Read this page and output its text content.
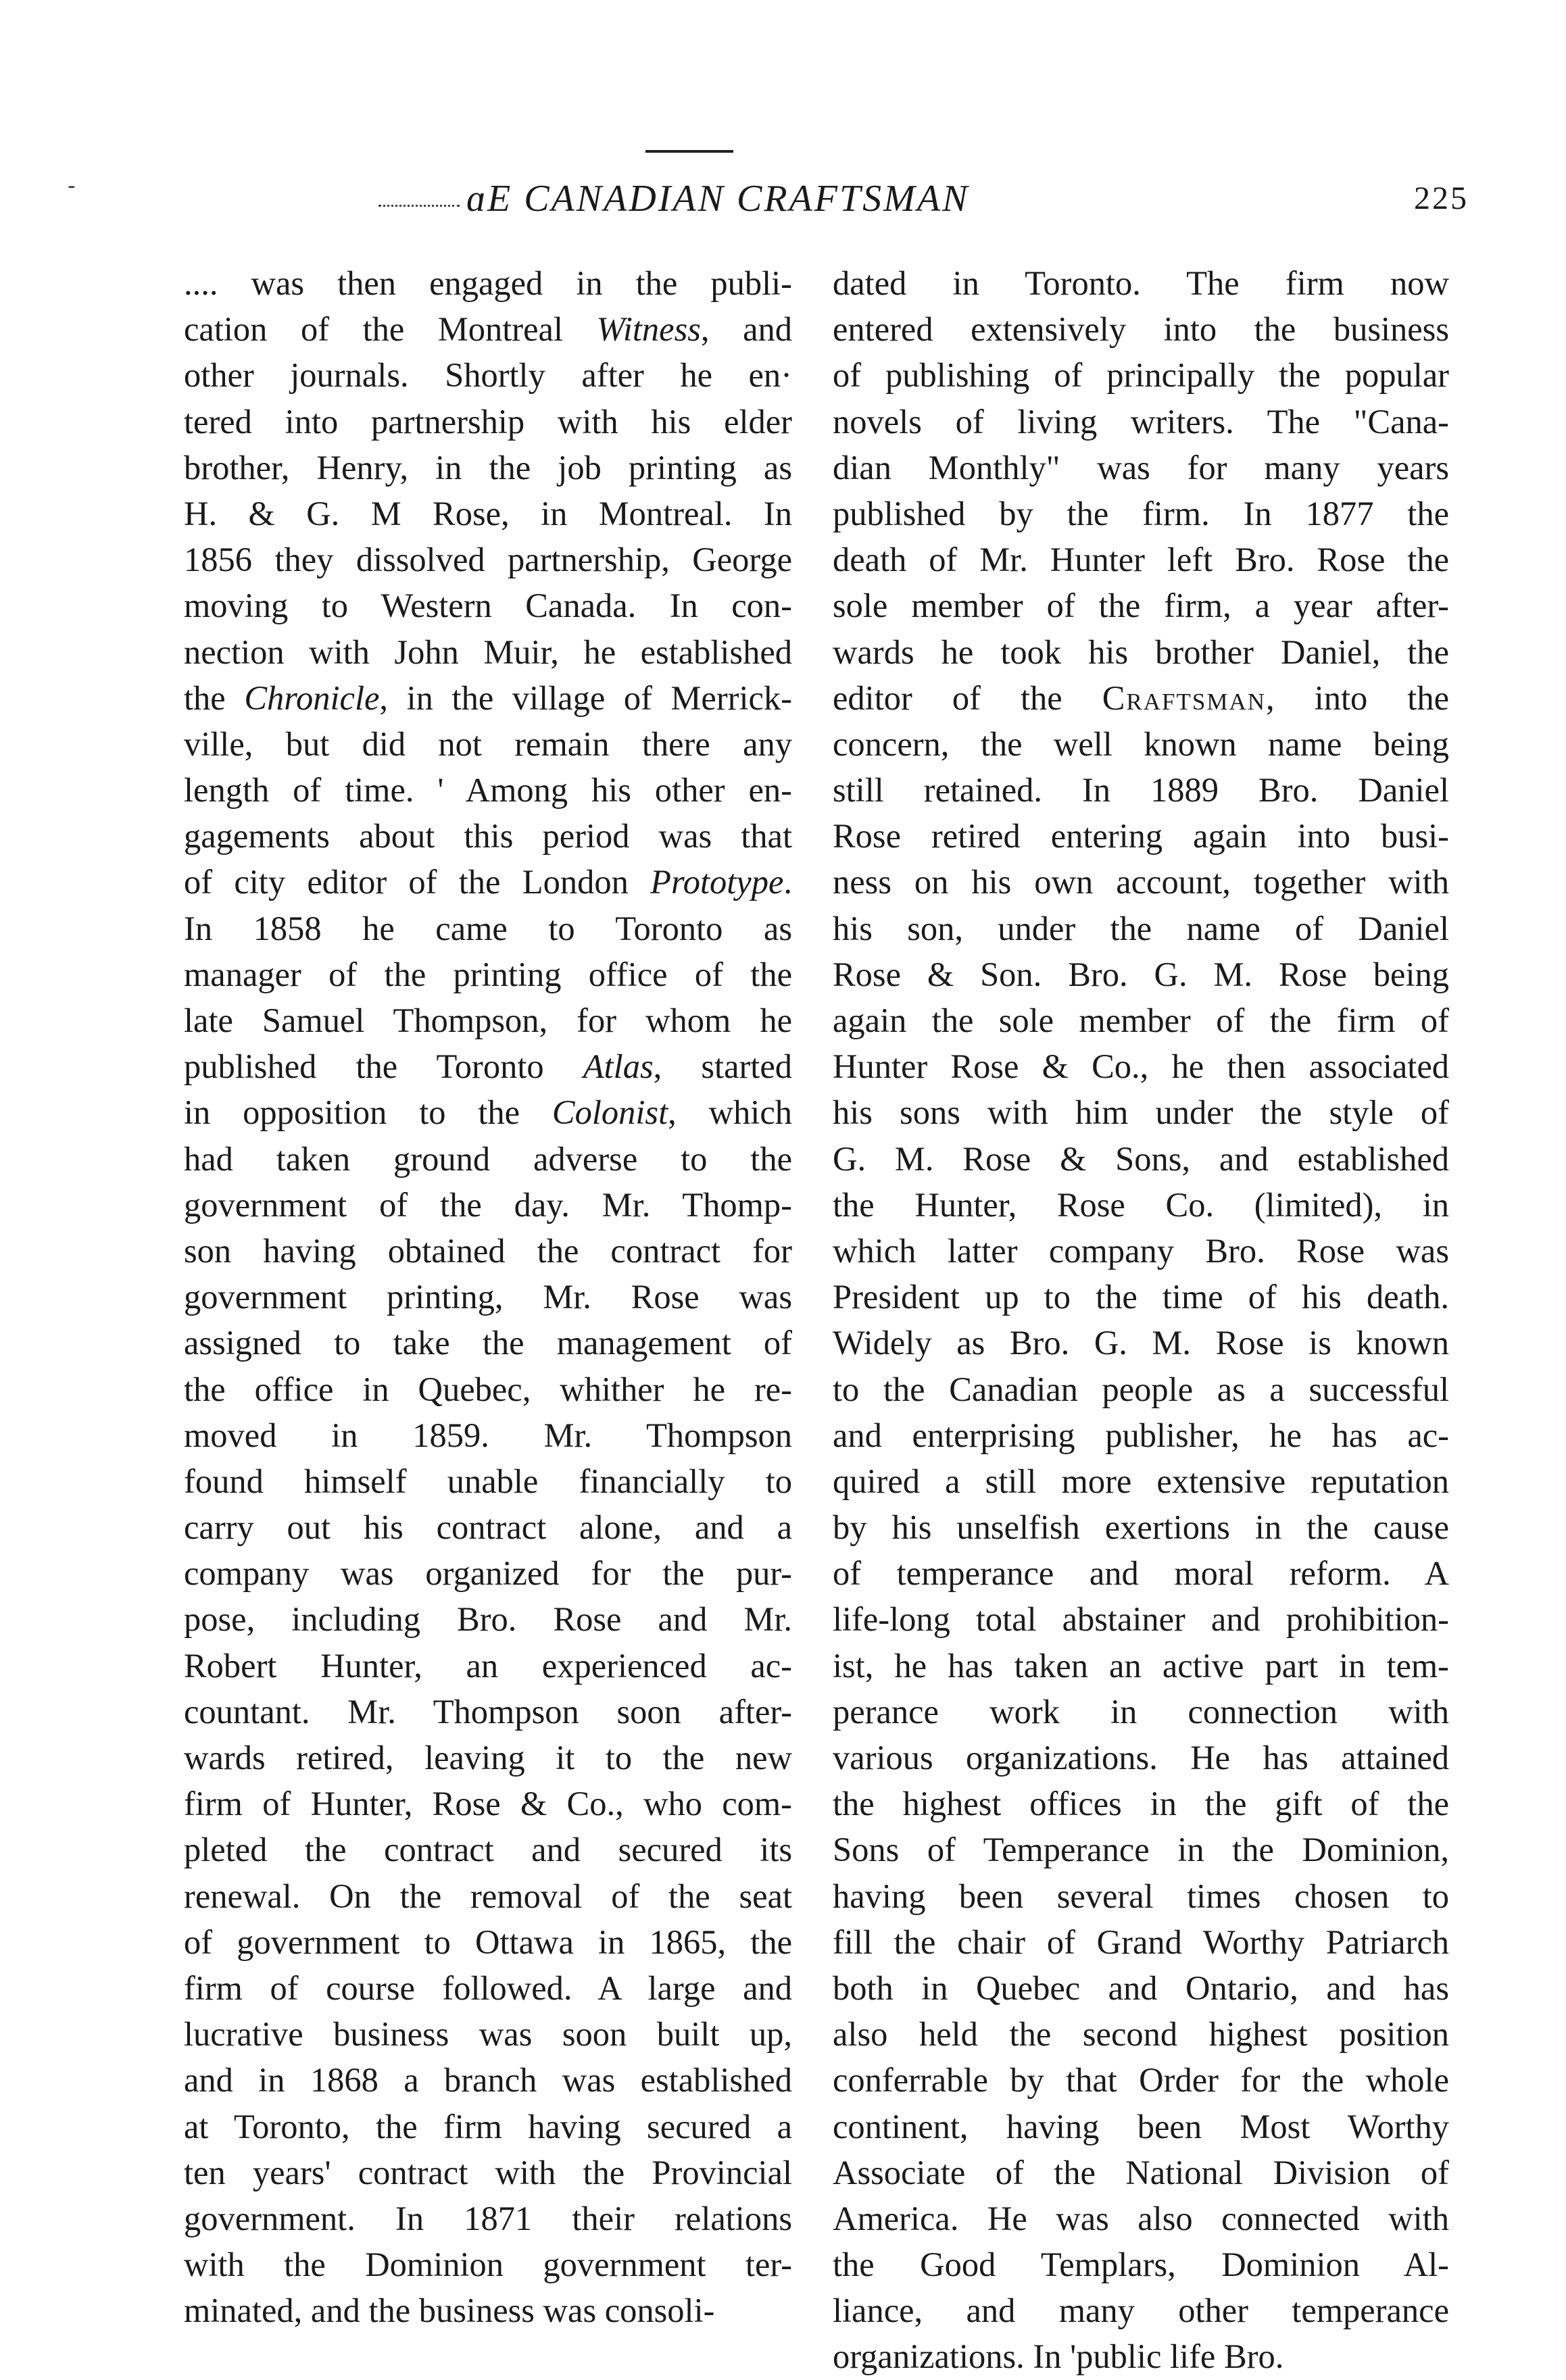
-	ɑE CANADIAN CRAFTSMAN	225
.... was then engaged in the publi-
cation of the Montreal Witness, and
other journals. Shortly after he en·
tered into partnership with his elder
brother, Henry, in the job printing as
H. & G. M Rose, in Montreal. In
1856 they dissolved partnership, George
moving to Western Canada. In con-
nection with John Muir, he established
the Chronicle, in the village of Merrick-
ville, but did not remain there any
length of time. ' Among his other en-
gagements about this period was that
of city editor of the London Prototype.
In 1858 he came to Toronto as
manager of the printing office of the
late Samuel Thompson, for whom he
published the Toronto Atlas, started
in opposition to the Colonist, which
had taken ground adverse to the
government of the day. Mr. Thomp-
son having obtained the contract for
government printing, Mr. Rose was
assigned to take the management of
the office in Quebec, whither he re-
moved in 1859. Mr. Thompson
found himself unable financially to
carry out his contract alone, and a
company was organized for the pur-
pose, including Bro. Rose and Mr.
Robert Hunter, an experienced ac-
countant. Mr. Thompson soon after-
wards retired, leaving it to the new
firm of Hunter, Rose & Co., who com-
pleted the contract and secured its
renewal. On the removal of the seat
of government to Ottawa in 1865, the
firm of course followed. A large and
lucrative business was soon built up,
and in 1868 a branch was established
at Toronto, the firm having secured a
ten years' contract with the Provincial
government. In 1871 their relations
with the Dominion government ter-
minated, and the business was consoli-
dated in Toronto. The firm now
entered extensively into the business
of publishing of principally the popular
novels of living writers. The "Cana-
dian Monthly" was for many years
published by the firm. In 1877 the
death of Mr. Hunter left Bro. Rose the
sole member of the firm, a year after-
wards he took his brother Daniel, the
editor of the Craftsman, into the
concern, the well known name being
still retained. In 1889 Bro. Daniel
Rose retired entering again into busi-
ness on his own account, together with
his son, under the name of Daniel
Rose & Son. Bro. G. M. Rose being
again the sole member of the firm of
Hunter Rose & Co., he then associated
his sons with him under the style of
G. M. Rose & Sons, and established
the Hunter, Rose Co. (limited), in
which latter company Bro. Rose was
President up to the time of his death.
Widely as Bro. G. M. Rose is known
to the Canadian people as a successful
and enterprising publisher, he has ac-
quired a still more extensive reputation
by his unselfish exertions in the cause
of temperance and moral reform. A
life-long total abstainer and prohibition-
ist, he has taken an active part in tem-
perance work in connection with
various organizations. He has attained
the highest offices in the gift of the
Sons of Temperance in the Dominion,
having been several times chosen to
fill the chair of Grand Worthy Patriarch
both in Quebec and Ontario, and has
also held the second highest position
conferrable by that Order for the whole
continent, having been Most Worthy
Associate of the National Division of
America. He was also connected with
the Good Templars, Dominion Al-
liance, and many other temperance
organizations. In 'public life Bro.
